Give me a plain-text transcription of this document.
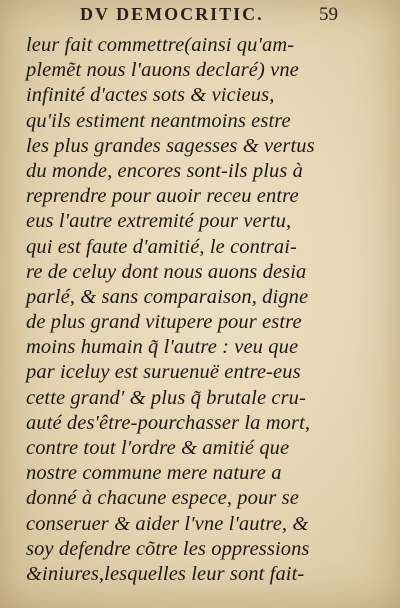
DV DEMOCRITIC.	59
leur fait commettre(ainsi qu'am-
plemẽt nous l'auons declaré) vne
infinité d'actes sots & vicieus,
qu'ils estiment neantmoins estre
les plus grandes sagesses & vertus
du monde, encores sont-ils plus à
reprendre pour auoir receu entre
eus l'autre extremité pour vertu,
qui est faute d'amitié, le contrai-
re de celuy dont nous auons desia
parlé, & sans comparaison, digne
de plus grand vitupere pour estre
moins humain q̃ l'autre : veu que
par iceluy est suruenuë entre-eus
cette grand' & plus q̃ brutale cru-
auté des'être-pourchasser la mort,
contre tout l'ordre & amitié que
nostre commune mere nature a
donné à chacune espece, pour se
conseruer & aider l'vne l'autre, &
soy defendre cõtre les oppressions
&iniures,lesquelles leur sont fait-
